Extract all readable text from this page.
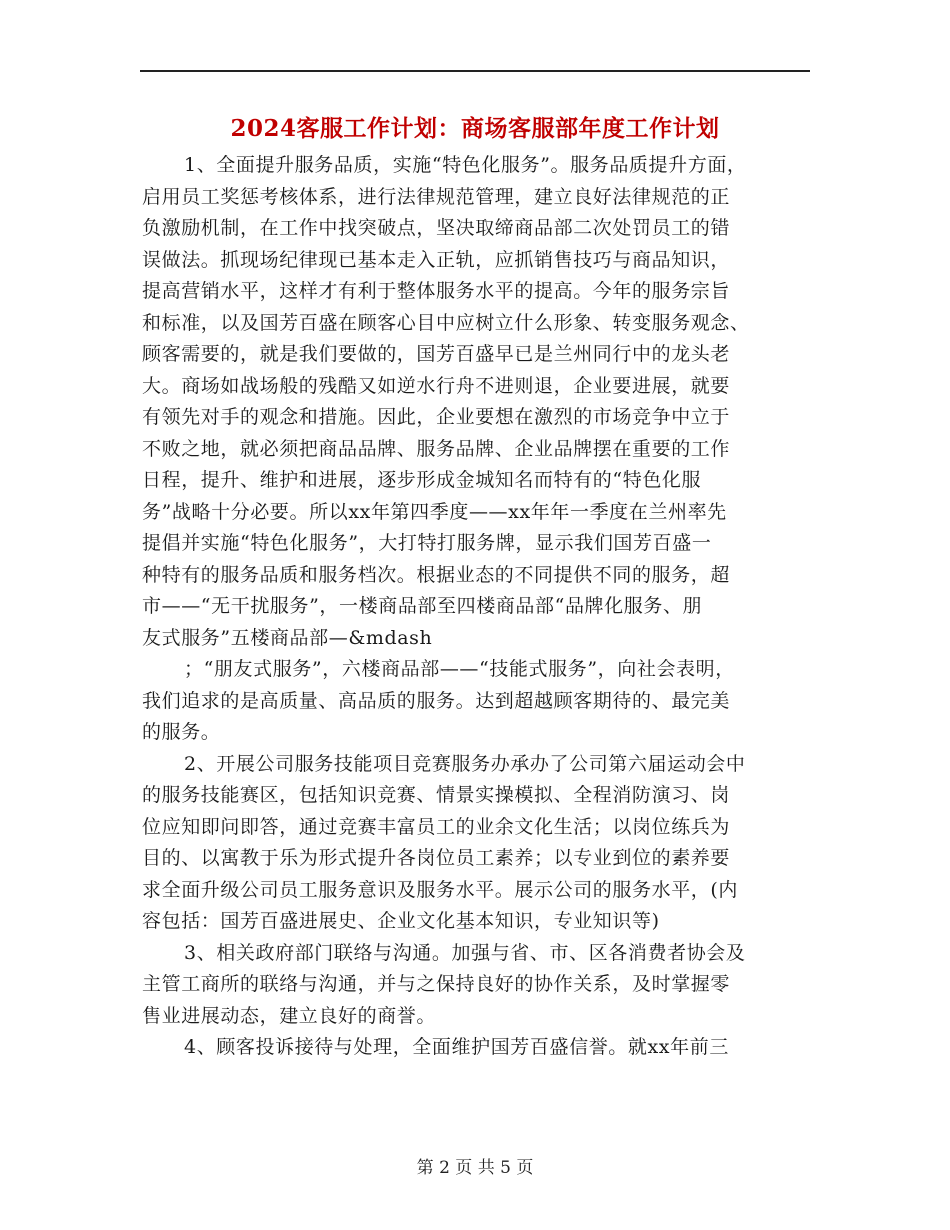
2024客服工作计划：商场客服部年度工作计划
1、全面提升服务品质，实施“特色化服务”。服务品质提升方面，
启用员工奖惩考核体系，进行法律规范管理，建立良好法律规范的正
负激励机制，在工作中找突破点，坚决取缔商品部二次处罚员工的错
误做法。抓现场纪律现已基本走入正轨，应抓销售技巧与商品知识，
提高营销水平，这样才有利于整体服务水平的提高。今年的服务宗旨
和标准，以及国芳百盛在顾客心目中应树立什么形象、转变服务观念、
顾客需要的，就是我们要做的，国芳百盛早已是兰州同行中的龙头老
大。商场如战场般的残酷又如逆水行舟不进则退，企业要进展，就要
有领先对手的观念和措施。因此，企业要想在激烈的市场竞争中立于
不败之地，就必须把商品品牌、服务品牌、企业品牌摆在重要的工作
日程，提升、维护和进展，逐步形成金城知名而特有的“特色化服
务”战略十分必要。所以xx年第四季度——xx年年一季度在兰州率先
提倡并实施“特色化服务”，大打特打服务牌，显示我们国芳百盛一
种特有的服务品质和服务档次。根据业态的不同提供不同的服务，超
市——“无干扰服务”，一楼商品部至四楼商品部“品牌化服务、朋
友式服务”五楼商品部—&mdash
；“朋友式服务”，六楼商品部——“技能式服务”，向社会表明，
我们追求的是高质量、高品质的服务。达到超越顾客期待的、最完美
的服务。
2、开展公司服务技能项目竞赛服务办承办了公司第六届运动会中
的服务技能赛区，包括知识竞赛、情景实操模拟、全程消防演习、岗
位应知即问即答，通过竞赛丰富员工的业余文化生活；以岗位练兵为
目的、以寓教于乐为形式提升各岗位员工素养；以专业到位的素养要
求全面升级公司员工服务意识及服务水平。展示公司的服务水平，(内
容包括：国芳百盛进展史、企业文化基本知识，专业知识等)
3、相关政府部门联络与沟通。加强与省、市、区各消费者协会及
主管工商所的联络与沟通，并与之保持良好的协作关系，及时掌握零
售业进展动态，建立良好的商誉。
4、顾客投诉接待与处理，全面维护国芳百盛信誉。就xx年前三
第 2 页 共 5 页
